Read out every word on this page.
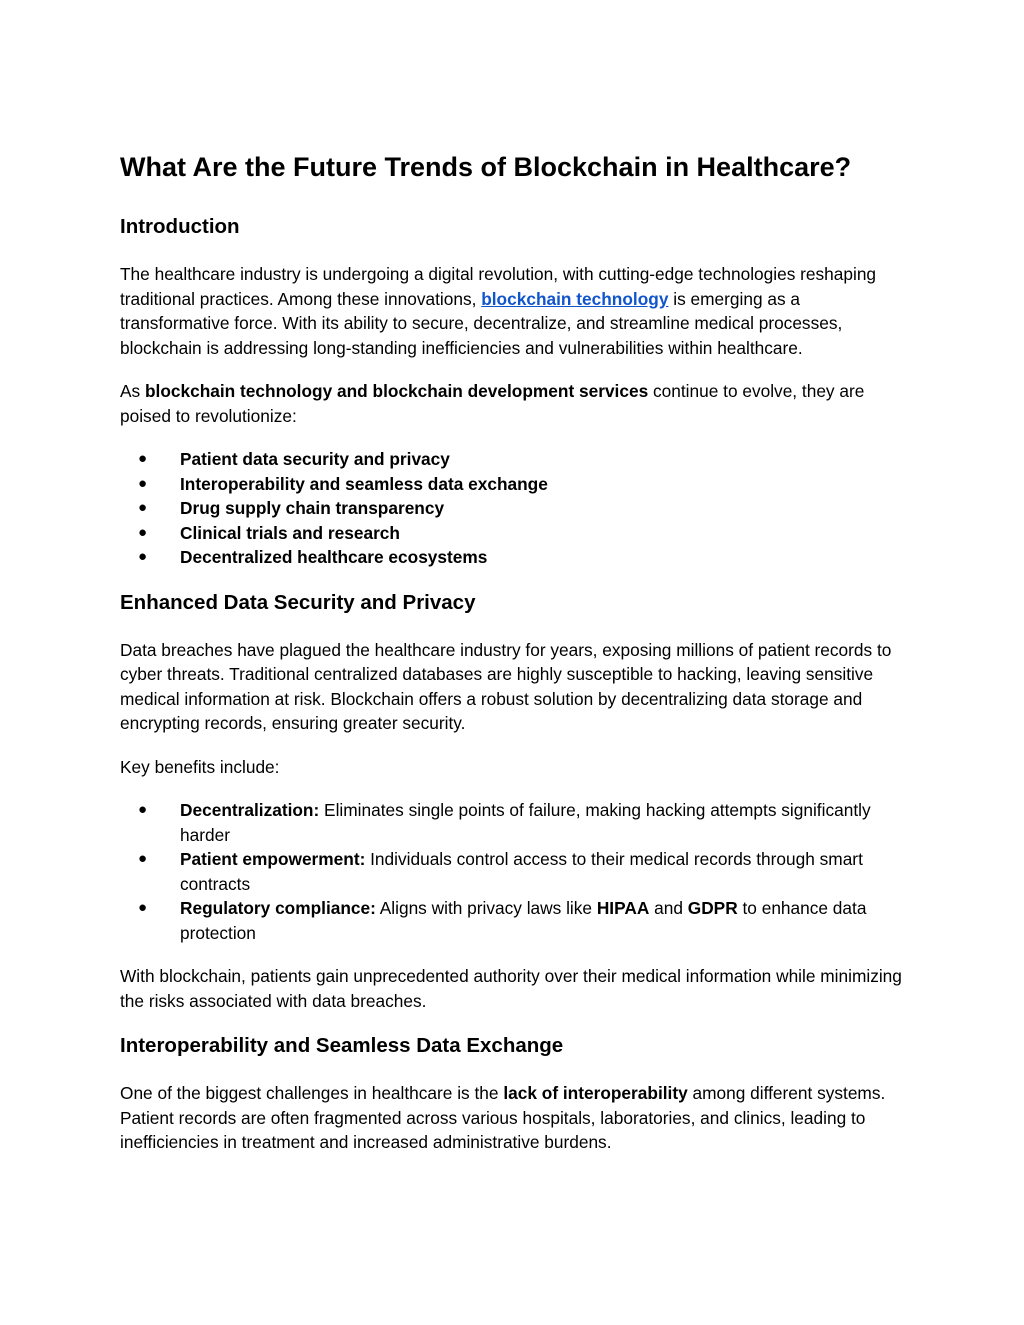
What Are the Future Trends of Blockchain in Healthcare?
Introduction

The healthcare industry is undergoing a digital revolution, with cutting-edge technologies reshaping traditional practices. Among these innovations, blockchain technology is emerging as a transformative force. With its ability to secure, decentralize, and streamline medical processes, blockchain is addressing long-standing inefficiencies and vulnerabilities within healthcare.

As blockchain technology and blockchain development services continue to evolve, they are poised to revolutionize:

● Patient data security and privacy
● Interoperability and seamless data exchange
● Drug supply chain transparency
● Clinical trials and research
● Decentralized healthcare ecosystems
Enhanced Data Security and Privacy

Data breaches have plagued the healthcare industry for years, exposing millions of patient records to cyber threats. Traditional centralized databases are highly susceptible to hacking, leaving sensitive medical information at risk. Blockchain offers a robust solution by decentralizing data storage and encrypting records, ensuring greater security.

Key benefits include:

● Decentralization: Eliminates single points of failure, making hacking attempts significantly harder
● Patient empowerment: Individuals control access to their medical records through smart contracts
● Regulatory compliance: Aligns with privacy laws like HIPAA and GDPR to enhance data protection

With blockchain, patients gain unprecedented authority over their medical information while minimizing the risks associated with data breaches.

Interoperability and Seamless Data Exchange

One of the biggest challenges in healthcare is the lack of interoperability among different systems. Patient records are often fragmented across various hospitals, laboratories, and clinics, leading to inefficiencies in treatment and increased administrative burdens.
